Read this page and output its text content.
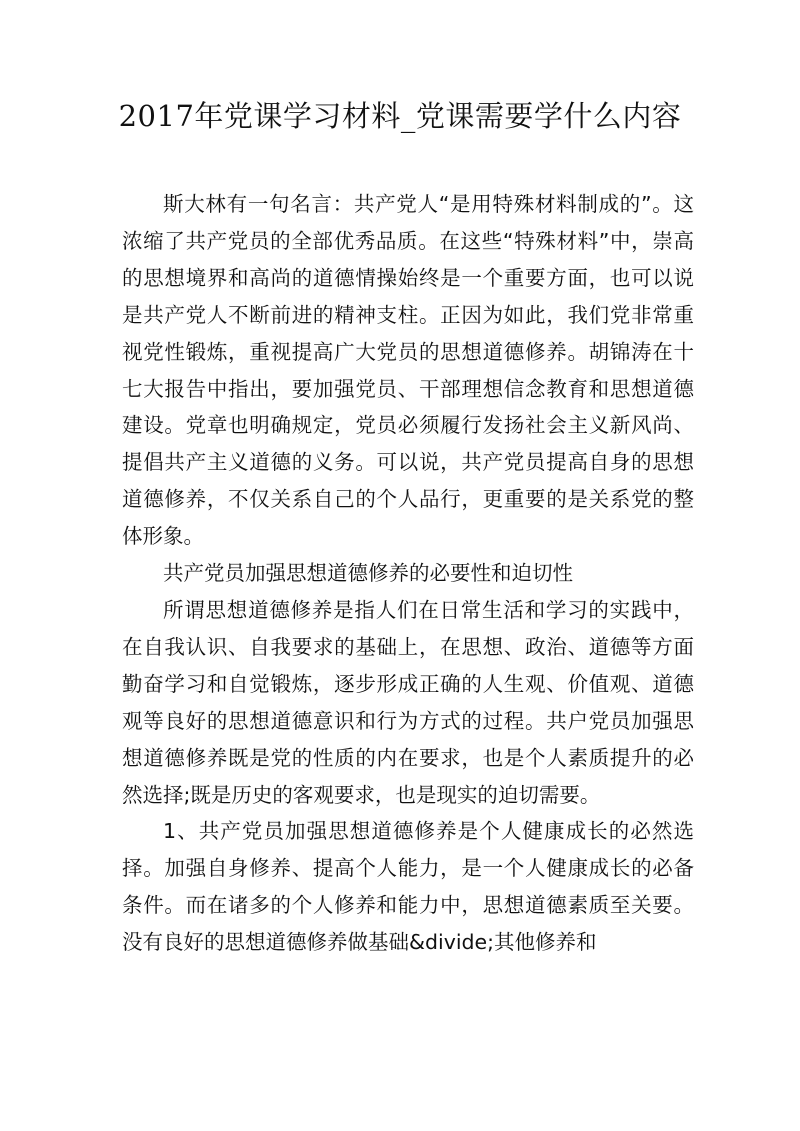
2017年党课学习材料_党课需要学什么内容

斯大林有一句名言：共产党人“是用特殊材料制成的”。这浓缩了共产党员的全部优秀品质。在这些“特殊材料”中，崇高的思想境界和高尚的道德情操始终是一个重要方面，也可以说是共产党人不断前进的精神支柱。正因为如此，我们党非常重视党性锻炼，重视提高广大党员的思想道德修养。胡锦涛在十七大报告中指出，要加强党员、干部理想信念教育和思想道德建设。党章也明确规定，党员必须履行发扬社会主义新风尚、提倡共产主义道德的义务。可以说，共产党员提高自身的思想道德修养，不仅关系自己的个人品行，更重要的是关系党的整体形象。

共产党员加强思想道德修养的必要性和迫切性

所谓思想道德修养是指人们在日常生活和学习的实践中，在自我认识、自我要求的基础上，在思想、政治、道德等方面勤奋学习和自觉锻炼，逐步形成正确的人生观、价值观、道德观等良好的思想道德意识和行为方式的过程。共户党员加强思想道德修养既是党的性质的内在要求，也是个人素质提升的必然选择;既是历史的客观要求，也是现实的迫切需要。

1、共产党员加强思想道德修养是个人健康成长的必然选择。加强自身修养、提高个人能力，是一个人健康成长的必备条件。而在诸多的个人修养和能力中，思想道德素质至关要。没有良好的思想道德修养做基础&divide;其他修养和
